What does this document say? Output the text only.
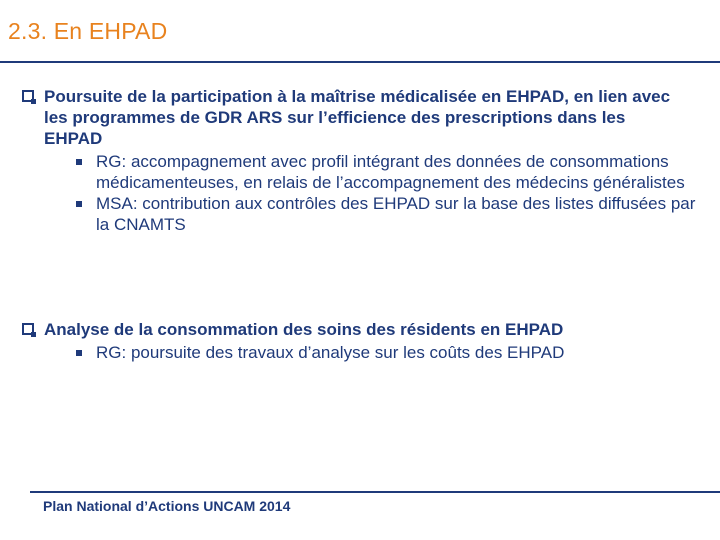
2.3. En EHPAD
Poursuite de la participation à la maîtrise médicalisée en EHPAD, en lien avec les programmes de GDR ARS sur l’efficience des prescriptions dans les EHPAD
RG: accompagnement avec profil intégrant des données de consommations médicamenteuses, en relais de l’accompagnement des médecins généralistes
MSA: contribution aux contrôles des EHPAD sur la base des listes diffusées par la CNAMTS
Analyse de la consommation des soins des résidents en EHPAD
RG: poursuite des travaux d’analyse sur les coûts des EHPAD
Plan National d’Actions UNCAM 2014
